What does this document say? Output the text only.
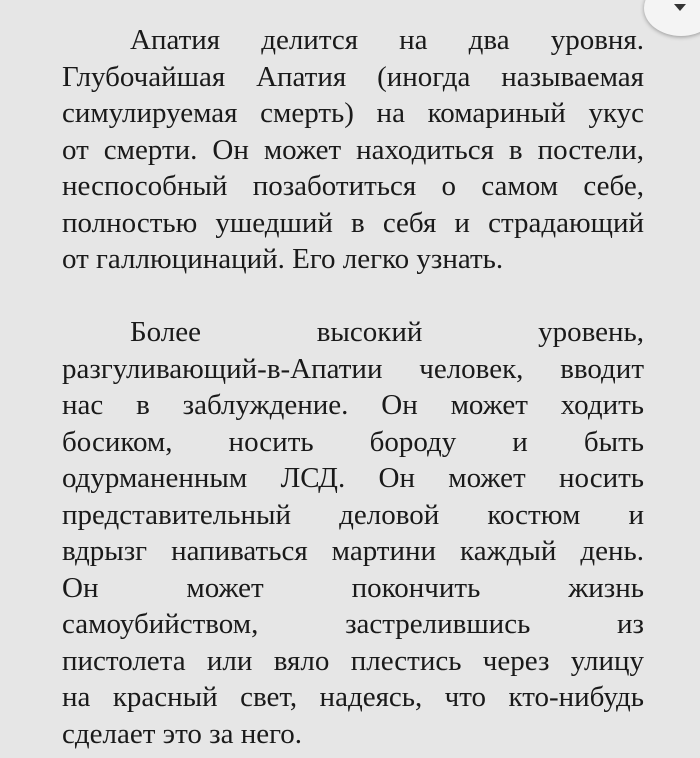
Апатия делится на два уровня.
Глубочайшая Апатия (иногда называемая
симулируемая смерть) на комариный укус
от смерти. Он может находиться в постели,
неспособный позаботиться о самом себе,
полностью ушедший в себя и страдающий
от галлюцинаций. Его легко узнать.
Более высокий уровень,
разгуливающий-в-Апатии человек, вводит
нас в заблуждение. Он может ходить
босиком, носить бороду и быть
одурманенным ЛСД. Он может носить
представительный деловой костюм и
вдрызг напиваться мартини каждый день.
Он может покончить жизнь
самоубийством, застрелившись из
пистолета или вяло плестись через улицу
на красный свет, надеясь, что кто-нибудь
сделает это за него.
